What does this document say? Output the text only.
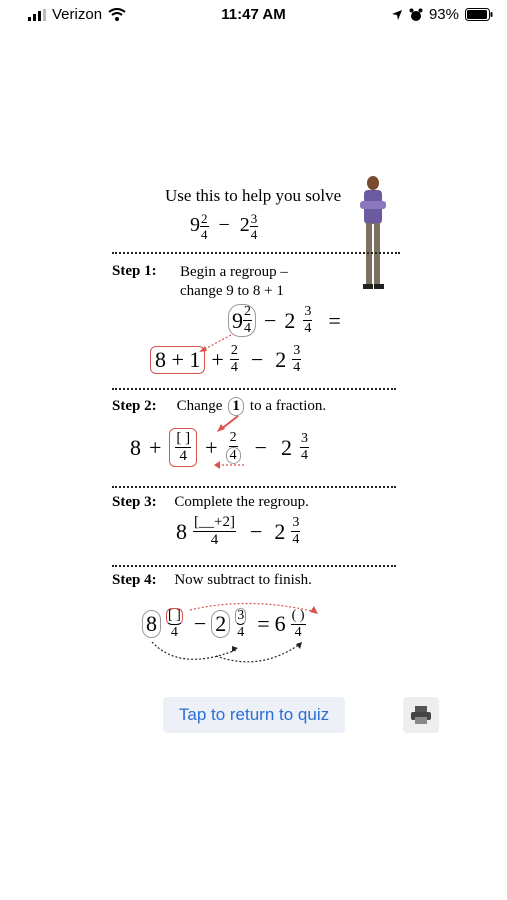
Verizon	11:47 AM	93%
Use this to help you solve
$9 \frac{2}{4} - 2 \frac{3}{4}$
Step 1: Begin a regroup –
change 9 to 8 + 1
$9 \frac{2}{4} - 2 \frac{3}{4}$ =
$8 + 1 + \frac{2}{4} - 2 \frac{3}{4}$
Step 2: Change 1 to a fraction.
$8 + \frac{[ ]}{4} + \frac{2}{4} - 2 \frac{3}{4}$
Step 3: Complete the regroup.
$8 \frac{[\_\_+2]}{4} - 2 \frac{3}{4}$
Step 4: Now subtract to finish.
$8 \frac{[ ]}{4} - 2 \frac{3}{4} = 6 \frac{( )}{4}$
Tap to return to quiz
